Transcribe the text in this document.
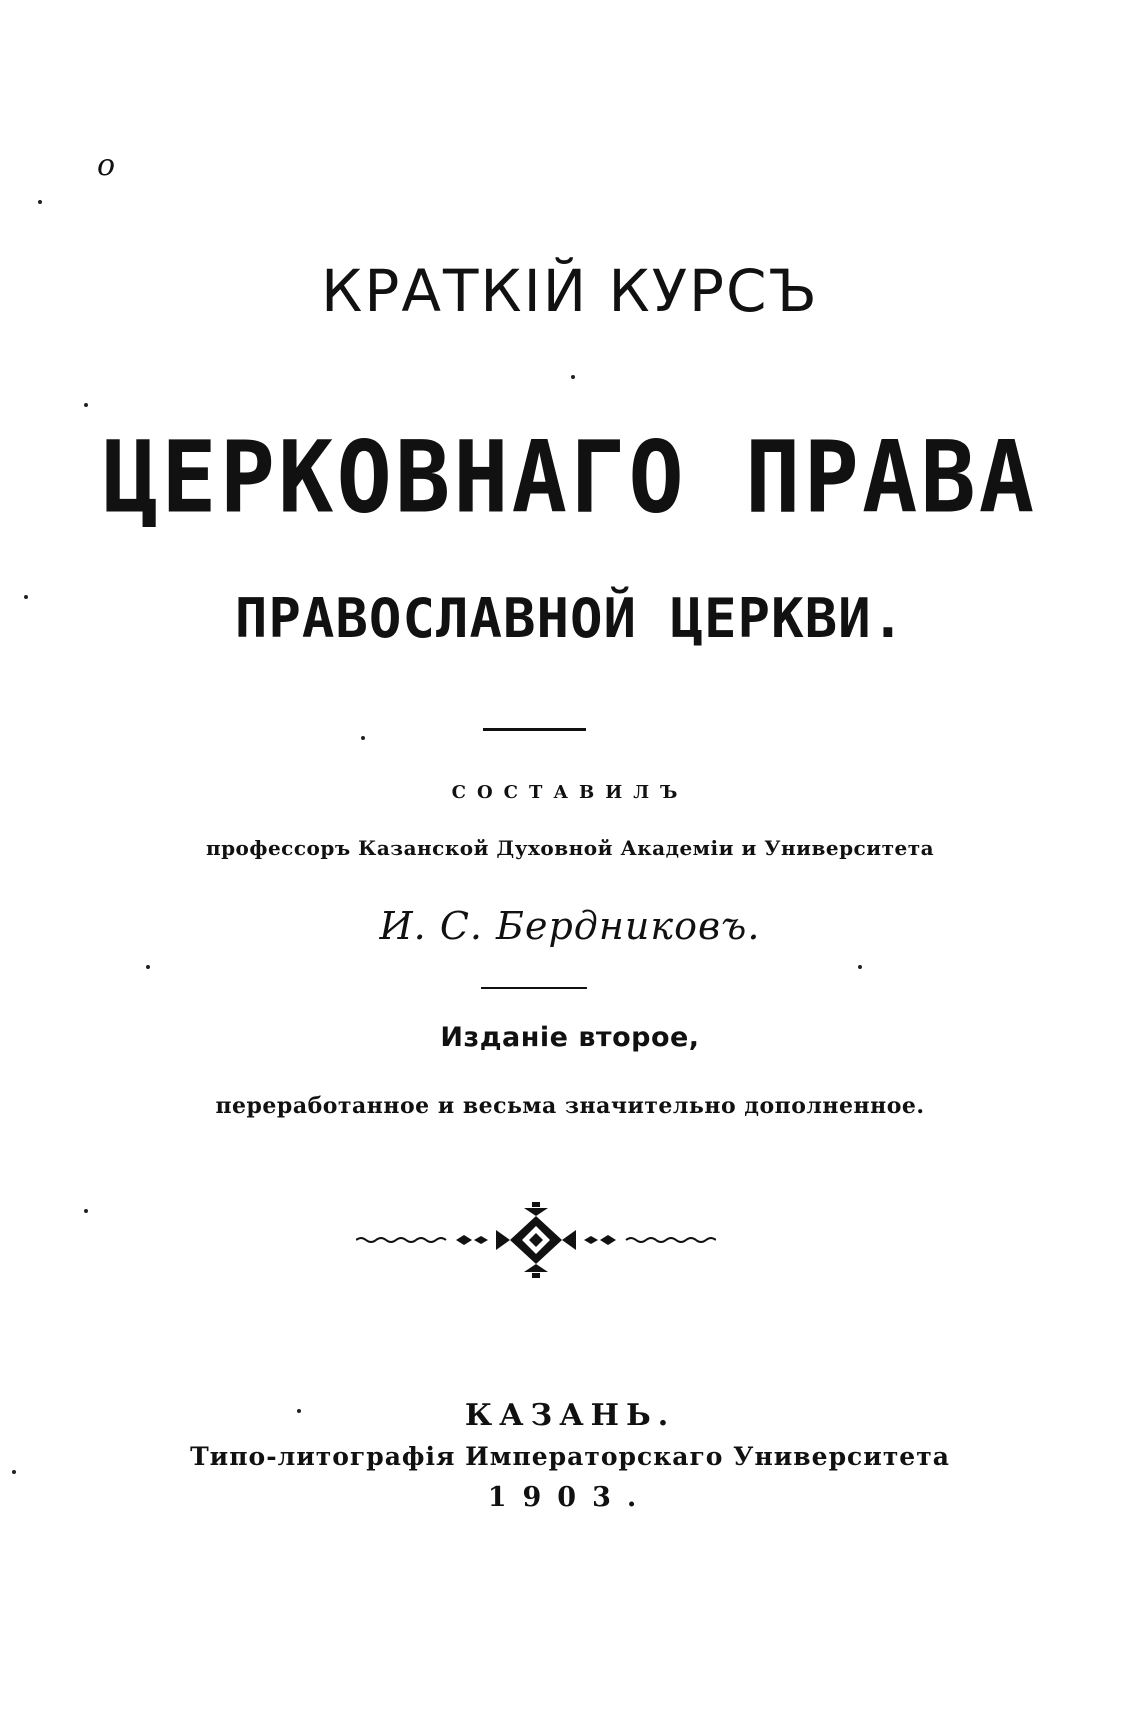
o
КРАТКІЙ КУРСЪ
ЦЕРКОВНАГО ПРАВА
ПРАВОСЛАВНОЙ ЦЕРКВИ.
СОСТАВИЛЪ
профессоръ Казанской Духовной Академіи и Университета
И. С. Бердниковъ.
Изданіе второе,
переработанное и весьма значительно дополненное.
КАЗАНЬ.
Типо-литографія Императорскаго Университета
1903.
